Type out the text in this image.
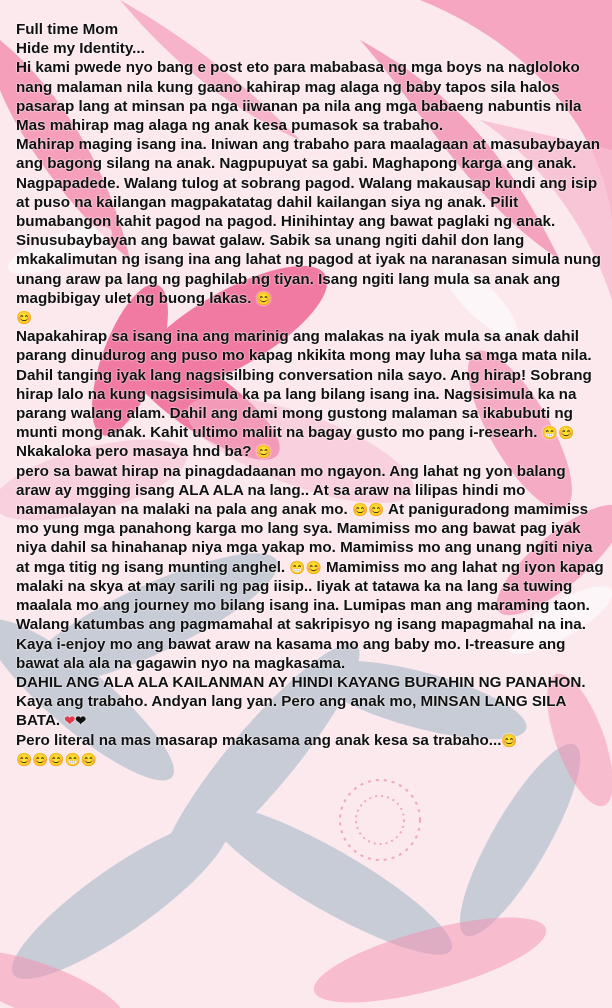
Full time Mom

Hide my Identity...

Hi kami pwede nyo bang e post eto para mababasa ng mga boys na nagloloko nang malaman nila kung gaano kahirap mag alaga ng baby tapos sila halos pasarap lang at minsan pa nga iiwanan pa nila ang mga babaeng nabuntis nila

Mas mahirap mag alaga ng anak kesa pumasok sa trabaho.

Mahirap maging isang ina. Iniwan ang trabaho para maalagaan at masubaybayan ang bagong silang na anak. Nagpupuyat sa gabi. Maghapong karga ang anak. Nagpapadede. Walang tulog at sobrang pagod. Walang makausap kundi ang isip at puso na kailangan magpakatatag dahil kailangan siya ng anak. Pilit bumabangon kahit pagod na pagod. Hinihintay ang bawat paglaki ng anak. Sinusubaybayan ang bawat galaw. Sabik sa unang ngiti dahil don lang mkakalimutan ng isang ina ang lahat ng pagod at iyak na naranasan simula nung unang araw pa lang ng paghilab ng tiyan. Isang ngiti lang mula sa anak ang magbibigay ulet ng buong lakas. 😊
😊

Napakahirap sa isang ina ang marinig ang malakas na iyak mula sa anak dahil parang dinudurog ang puso mo kapag nkikita mong may luha sa mga mata nila. Dahil tanging iyak lang nagsisilbing conversation nila sayo. Ang hirap! Sobrang hirap lalo na kung nagsisimula ka pa lang bilang isang ina. Nagsisimula ka na parang walang alam. Dahil ang dami mong gustong malaman sa ikabubuti ng munti mong anak. Kahit ultimo maliit na bagay gusto mo pang i-researh. 😁😊 Nkakaloka pero masaya hnd ba? 😊

pero sa bawat hirap na pinagdadaanan mo ngayon. Ang lahat ng yon balang araw ay mgging isang ALA ALA na lang.. At sa araw na lilipas hindi mo namamalayan na malaki na pala ang anak mo. 😊😊 At paniguradong mamimiss mo yung mga panahong karga mo lang sya. Mamimiss mo ang bawat pag iyak niya dahil sa hinahanap niya mga yakap mo. Mamimiss mo ang unang ngiti niya at mga titig ng isang munting anghel. 😁😊 Mamimiss mo ang lahat ng iyon kapag malaki na skya at may sarili ng pag iisip.. Iiyak at tatawa ka na lang sa tuwing maalala mo ang journey mo bilang isang ina. Lumipas man ang maraming taon. Walang katumbas ang pagmamahal at sakripisyo ng isang mapagmahal na ina.

Kaya i-enjoy mo ang bawat araw na kasama mo ang baby mo. I-treasure ang bawat ala ala na gagawin nyo na magkasama.

DAHIL ANG ALA ALA KAILANMAN AY HINDI KAYANG BURAHIN NG PANAHON.

Kaya ang trabaho. Andyan lang yan. Pero ang anak mo, MINSAN LANG SILA BATA. ❤❤

Pero literal na mas masarap makasama ang anak kesa sa trabaho...😊
😊😊😊😁😊
